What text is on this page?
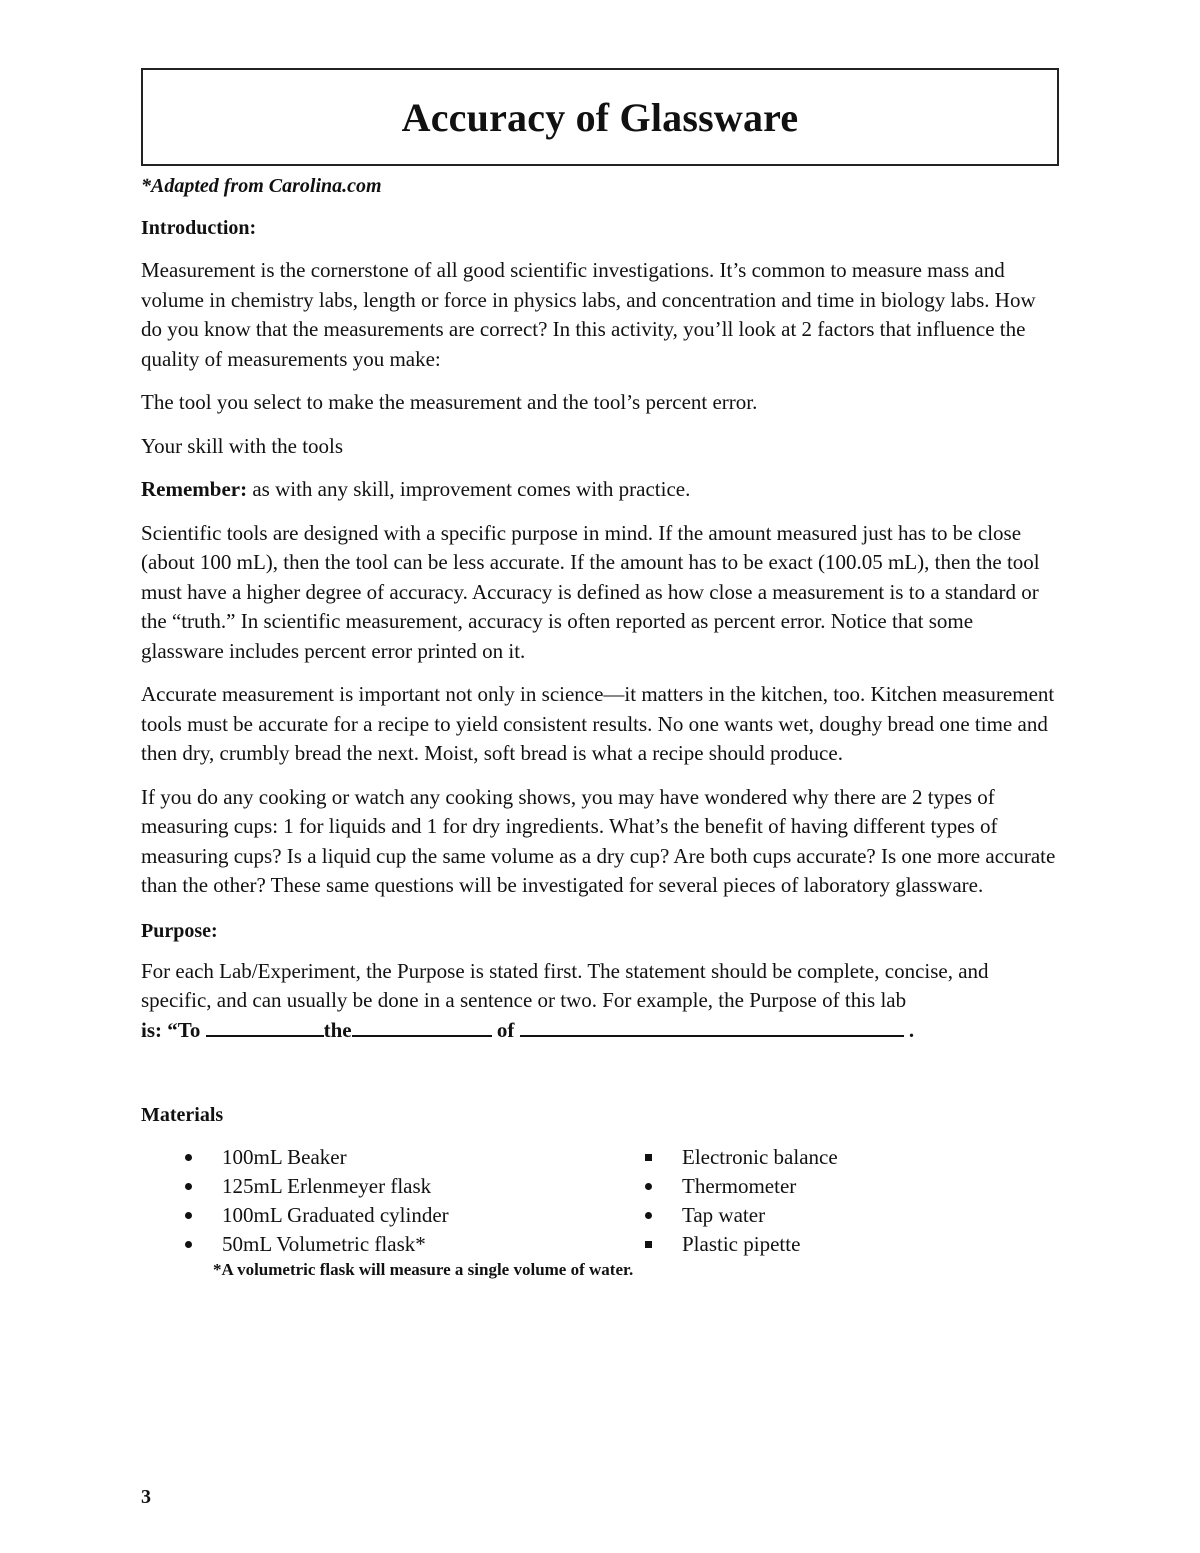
Accuracy of Glassware

*Adapted from Carolina.com

Introduction:

Measurement is the cornerstone of all good scientific investigations. It’s common to measure mass and volume in chemistry labs, length or force in physics labs, and concentration and time in biology labs. How do you know that the measurements are correct? In this activity, you’ll look at 2 factors that influence the quality of measurements you make:

The tool you select to make the measurement and the tool’s percent error.

Your skill with the tools

Remember: as with any skill, improvement comes with practice.

Scientific tools are designed with a specific purpose in mind. If the amount measured just has to be close (about 100 mL), then the tool can be less accurate. If the amount has to be exact (100.05 mL), then the tool must have a higher degree of accuracy. Accuracy is defined as how close a measurement is to a standard or the “truth.” In scientific measurement, accuracy is often reported as percent error. Notice that some glassware includes percent error printed on it.

Accurate measurement is important not only in science—it matters in the kitchen, too. Kitchen measurement tools must be accurate for a recipe to yield consistent results. No one wants wet, doughy bread one time and then dry, crumbly bread the next. Moist, soft bread is what a recipe should produce.

If you do any cooking or watch any cooking shows, you may have wondered why there are 2 types of measuring cups: 1 for liquids and 1 for dry ingredients. What’s the benefit of having different types of measuring cups? Is a liquid cup the same volume as a dry cup? Are both cups accurate? Is one more accurate than the other? These same questions will be investigated for several pieces of laboratory glassware.

Purpose:

For each Lab/Experiment, the Purpose is stated first. The statement should be complete, concise, and specific, and can usually be done in a sentence or two. For example, the Purpose of this lab

is: “To	the	of	.

Materials

100mL Beaker
125mL Erlenmeyer flask
100mL Graduated cylinder
50mL Volumetric flask*
Electronic balance
Thermometer
Tap water
Plastic pipette

*A volumetric flask will measure a single volume of water.

3
